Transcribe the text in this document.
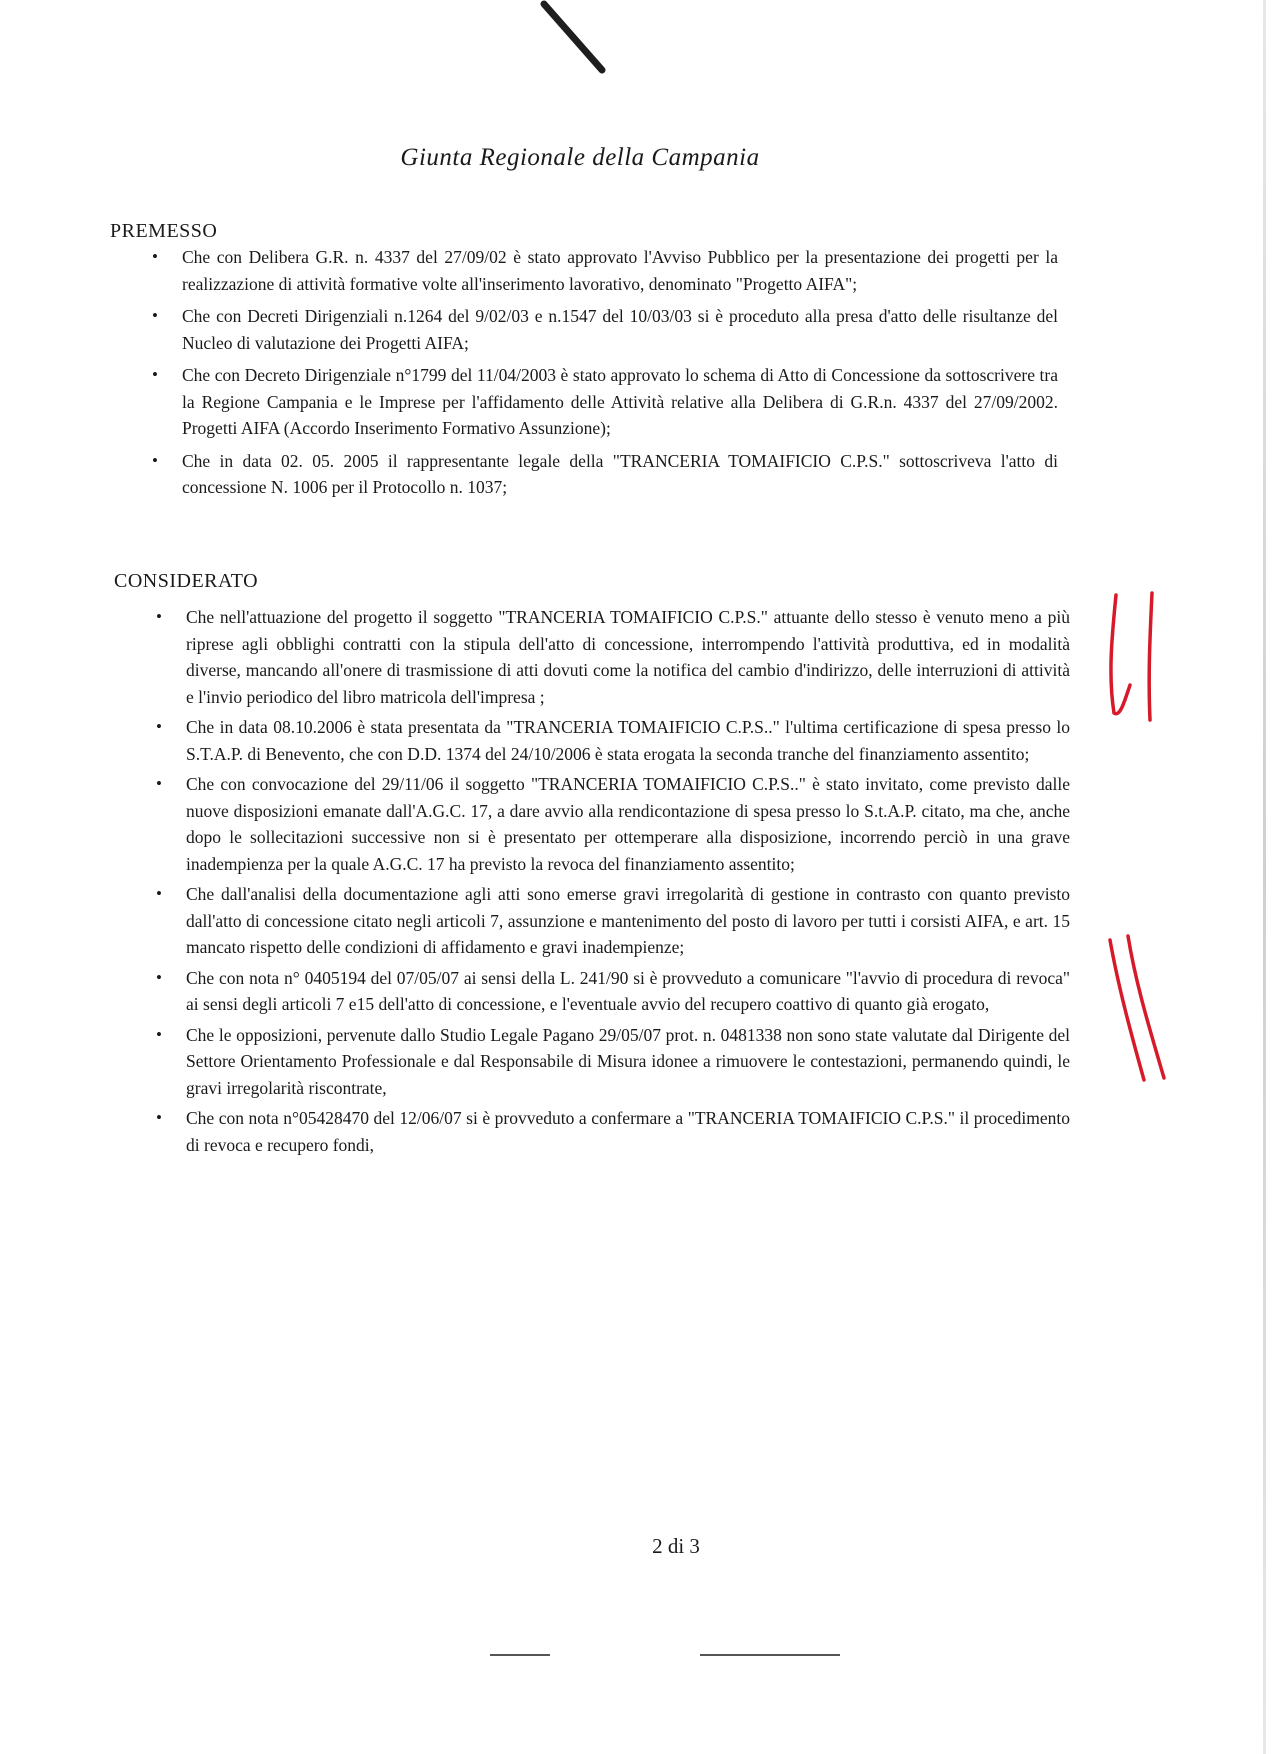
Giunta Regionale della Campania
PREMESSO
• Che con Delibera G.R. n. 4337 del 27/09/02 è stato approvato l'Avviso Pubblico per la presentazione dei progetti per la realizzazione di attività formative volte all'inserimento lavorativo, denominato "Progetto AIFA";
• Che con Decreti Dirigenziali n.1264 del 9/02/03 e n.1547 del 10/03/03 si è proceduto alla presa d'atto delle risultanze del Nucleo di valutazione dei Progetti AIFA;
• Che con Decreto Dirigenziale n°1799 del 11/04/2003 è stato approvato lo schema di Atto di Concessione da sottoscrivere tra la Regione Campania e le Imprese per l'affidamento delle Attività relative alla Delibera di G.R.n. 4337 del 27/09/2002. Progetti AIFA (Accordo Inserimento Formativo Assunzione);
• Che in data 02. 05. 2005 il rappresentante legale della "TRANCERIA TOMAIFICIO C.P.S." sottoscriveva l'atto di concessione N. 1006 per il Protocollo n. 1037;
CONSIDERATO
• Che nell'attuazione del progetto il soggetto "TRANCERIA TOMAIFICIO C.P.S." attuante dello stesso è venuto meno a più riprese agli obblighi contratti con la stipula dell'atto di concessione, interrompendo l'attività produttiva, ed in modalità diverse, mancando all'onere di trasmissione di atti dovuti come la notifica del cambio d'indirizzo, delle interruzioni di attività e l'invio periodico del libro matricola dell'impresa ;
• Che in data 08.10.2006 è stata presentata da "TRANCERIA TOMAIFICIO C.P.S.." l'ultima certificazione di spesa presso lo S.T.A.P. di Benevento, che con D.D. 1374 del 24/10/2006 è stata erogata la seconda tranche del finanziamento assentito;
• Che con convocazione del 29/11/06 il soggetto "TRANCERIA TOMAIFICIO C.P.S.." è stato invitato, come previsto dalle nuove disposizioni emanate dall'A.G.C. 17, a dare avvio alla rendicontazione di spesa presso lo S.t.A.P. citato, ma che, anche dopo le sollecitazioni successive non si è presentato per ottemperare alla disposizione, incorrendo perciò in una grave inadempienza per la quale A.G.C. 17 ha previsto la revoca del finanziamento assentito;
• Che dall'analisi della documentazione agli atti sono emerse gravi irregolarità di gestione in contrasto con quanto previsto dall'atto di concessione citato negli articoli 7, assunzione e mantenimento del posto di lavoro per tutti i corsisti AIFA, e art. 15 mancato rispetto delle condizioni di affidamento e gravi inadempienze;
• Che con nota n° 0405194 del 07/05/07 ai sensi della L. 241/90 si è provveduto a comunicare "l'avvio di procedura di revoca" ai sensi degli articoli 7 e15 dell'atto di concessione, e l'eventuale avvio del recupero coattivo di quanto già erogato,
• Che le opposizioni, pervenute dallo Studio Legale Pagano 29/05/07 prot. n. 0481338 non sono state valutate dal Dirigente del Settore Orientamento Professionale e dal Responsabile di Misura idonee a rimuovere le contestazioni, permanendo quindi, le gravi irregolarità riscontrate,
• Che con nota n°05428470 del 12/06/07 si è provveduto a confermare a "TRANCERIA TOMAIFICIO C.P.S." il procedimento di revoca e recupero fondi,
2 di 3
